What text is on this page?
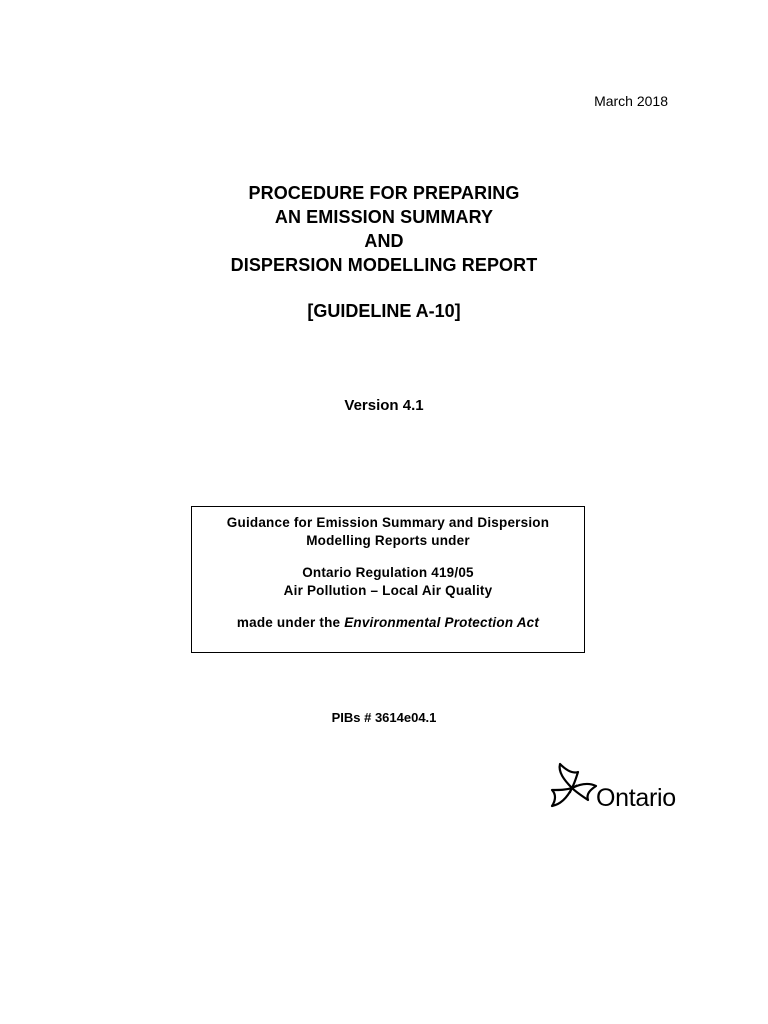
March 2018
PROCEDURE FOR PREPARING
AN EMISSION SUMMARY
AND
DISPERSION MODELLING REPORT
[GUIDELINE A-10]
Version 4.1
Guidance for Emission Summary and Dispersion
Modelling Reports under
Ontario Regulation 419/05
Air Pollution – Local Air Quality
made under the Environmental Protection Act
PIBs # 3614e04.1
Ontario
